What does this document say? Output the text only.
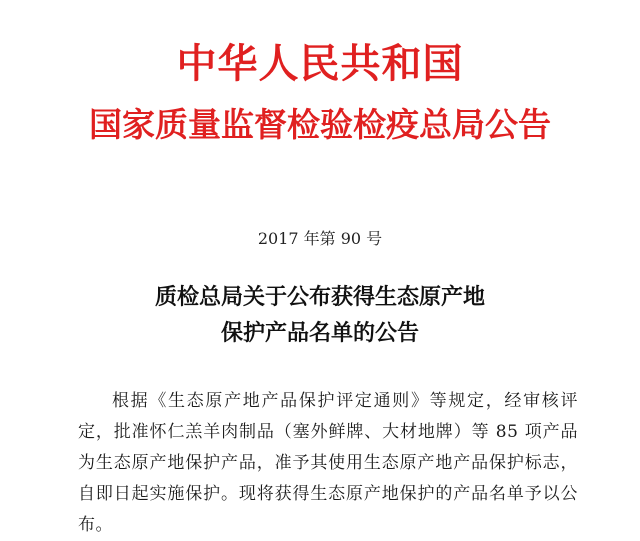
中华人民共和国
国家质量监督检验检疫总局公告
2017 年第 90 号
质检总局关于公布获得生态原产地
保护产品名单的公告
根据《生态原产地产品保护评定通则》等规定，经审核评定，批准怀仁羔羊肉制品（塞外鲜牌、大材地牌）等 85 项产品为生态原产地保护产品，准予其使用生态原产地产品保护标志，自即日起实施保护。现将获得生态原产地保护的产品名单予以公布。
